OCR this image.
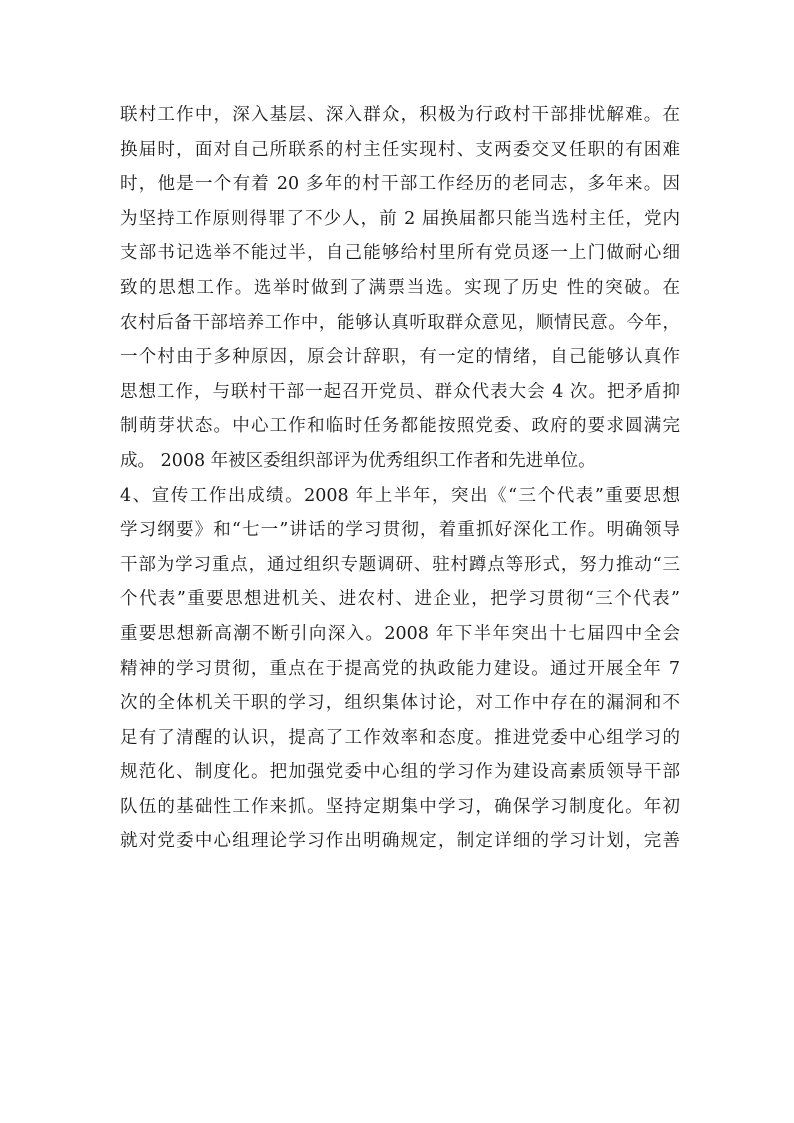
联村工作中，深入基层、深入群众，积极为行政村干部排忧解难。在
换届时，面对自己所联系的村主任实现村、支两委交叉任职的有困难
时，他是一个有着 20 多年的村干部工作经历的老同志，多年来。因
为坚持工作原则得罪了不少人，前 2 届换届都只能当选村主任，党内
支部书记选举不能过半，自己能够给村里所有党员逐一上门做耐心细
致的思想工作。选举时做到了满票当选。实现了历史 性的突破。在
农村后备干部培养工作中，能够认真听取群众意见，顺情民意。今年，
一个村由于多种原因，原会计辞职，有一定的情绪，自己能够认真作
思想工作，与联村干部一起召开党员、群众代表大会 4 次。把矛盾抑
制萌芽状态。中心工作和临时任务都能按照党委、政府的要求圆满完
成。 2008 年被区委组织部评为优秀组织工作者和先进单位。
4、宣传工作出成绩。2008 年上半年，突出《“三个代表”重要思想
学习纲要》和“七一”讲话的学习贯彻，着重抓好深化工作。明确领导
干部为学习重点，通过组织专题调研、驻村蹲点等形式，努力推动“三
个代表”重要思想进机关、进农村、进企业，把学习贯彻“三个代表”
重要思想新高潮不断引向深入。2008 年下半年突出十七届四中全会
精神的学习贯彻，重点在于提高党的执政能力建设。通过开展全年 7
次的全体机关干职的学习，组织集体讨论，对工作中存在的漏洞和不
足有了清醒的认识，提高了工作效率和态度。推进党委中心组学习的
规范化、制度化。把加强党委中心组的学习作为建设高素质领导干部
队伍的基础性工作来抓。坚持定期集中学习，确保学习制度化。年初
就对党委中心组理论学习作出明确规定，制定详细的学习计划，完善
